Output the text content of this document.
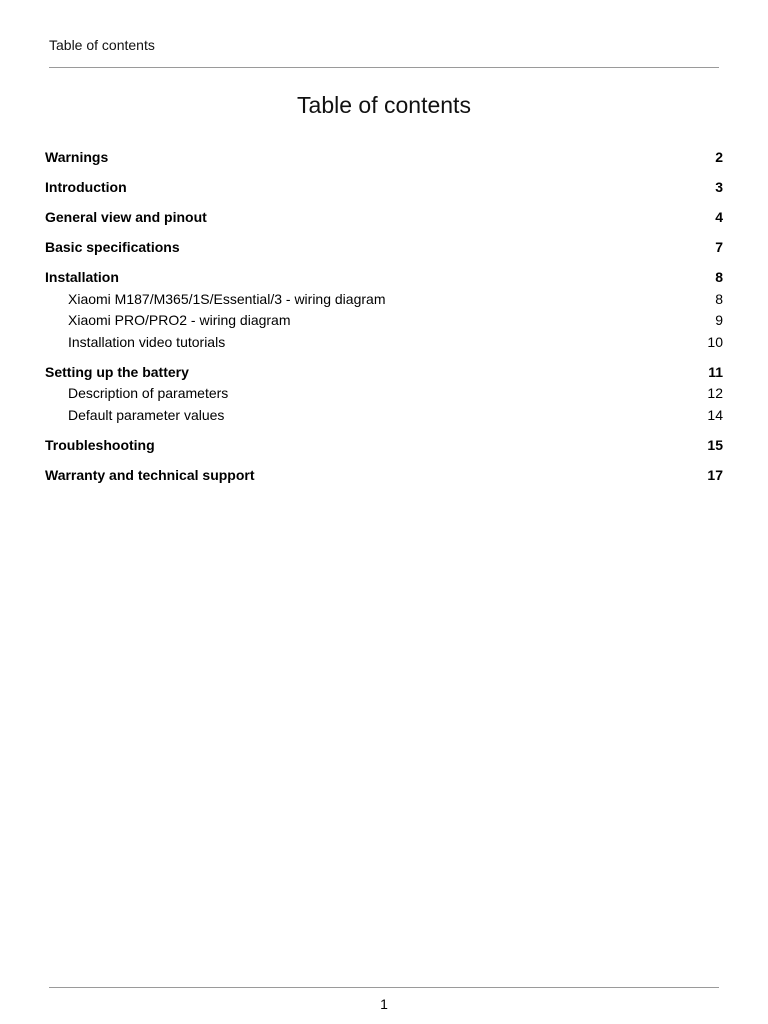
Table of contents
Table of contents
Warnings	2
Introduction	3
General view and pinout	4
Basic specifications	7
Installation	8
Xiaomi M187/M365/1S/Essential/3 - wiring diagram	8
Xiaomi PRO/PRO2 - wiring diagram	9
Installation video tutorials	10
Setting up the battery	11
Description of parameters	12
Default parameter values	14
Troubleshooting	15
Warranty and technical support	17
1
